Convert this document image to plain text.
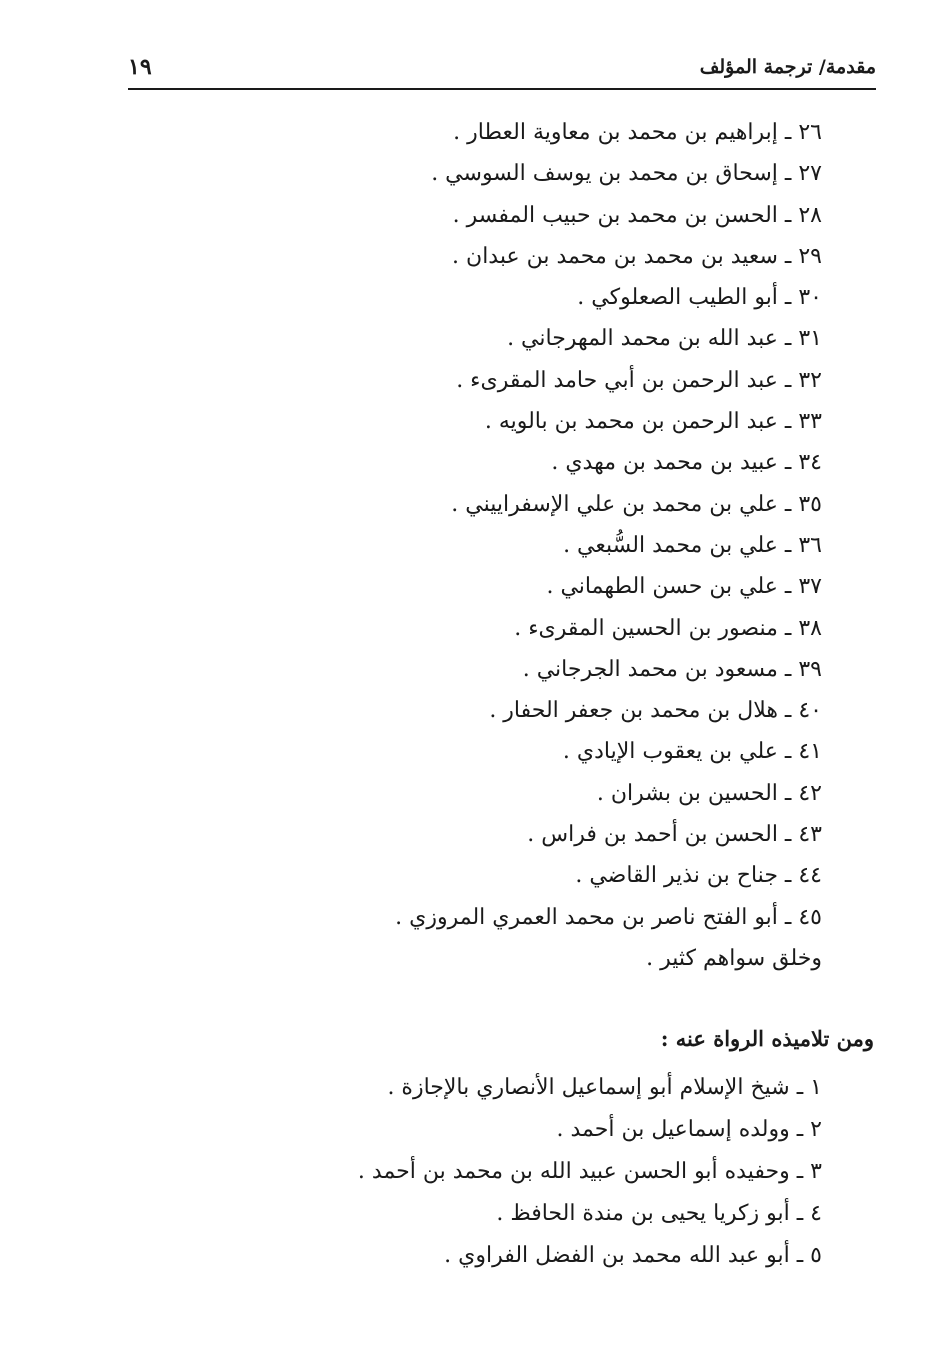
مقدمة/ ترجمة المؤلف
١٩
٢٦ ـ إبراهيم بن محمد بن معاوية العطار .
٢٧ ـ إسحاق بن محمد بن يوسف السوسي .
٢٨ ـ الحسن بن محمد بن حبيب المفسر .
٢٩ ـ سعيد بن محمد بن محمد بن عبدان .
٣٠ ـ أبو الطيب الصعلوكي .
٣١ ـ عبد الله بن محمد المهرجاني .
٣٢ ـ عبد الرحمن بن أبي حامد المقرىء .
٣٣ ـ عبد الرحمن بن محمد بن بالويه .
٣٤ ـ عبيد بن محمد بن مهدي .
٣٥ ـ علي بن محمد بن علي الإسفراييني .
٣٦ ـ علي بن محمد السُّبعي .
٣٧ ـ علي بن حسن الطهماني .
٣٨ ـ منصور بن الحسين المقرىء .
٣٩ ـ مسعود بن محمد الجرجاني .
٤٠ ـ هلال بن محمد بن جعفر الحفار .
٤١ ـ علي بن يعقوب الإيادي .
٤٢ ـ الحسين بن بشران .
٤٣ ـ الحسن بن أحمد بن فراس .
٤٤ ـ جناح بن نذير القاضي .
٤٥ ـ أبو الفتح ناصر بن محمد العمري المروزي .
وخلق سواهم كثير .
ومن تلاميذه الرواة عنه :
١ ـ شيخ الإسلام أبو إسماعيل الأنصاري بالإجازة .
٢ ـ وولده إسماعيل بن أحمد .
٣ ـ وحفيده أبو الحسن عبيد الله بن محمد بن أحمد .
٤ ـ أبو زكريا يحيى بن مندة الحافظ .
٥ ـ أبو عبد الله محمد بن الفضل الفراوي .
